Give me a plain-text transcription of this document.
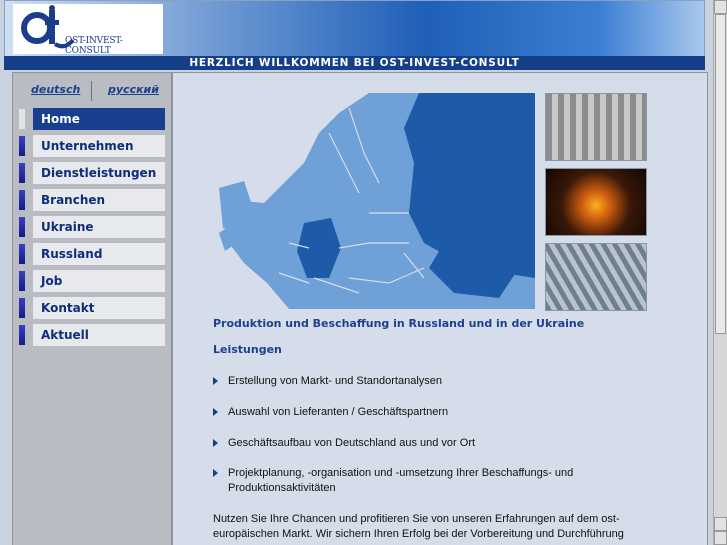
OST-INVEST-CONSULT
HERZLICH WILLKOMMEN BEI OST-INVEST-CONSULT
deutsch	русский
Home
Unternehmen
Dienstleistungen
Branchen
Ukraine
Russland
Job
Kontakt
Aktuell
Produktion und Beschaffung in Russland und in der Ukraine
Leistungen
Erstellung von Markt- und Standortanalysen
Auswahl von Lieferanten / Geschäftspartnern
Geschäftsaufbau von Deutschland aus und vor Ort
Projektplanung, -organisation und -umsetzung Ihrer Beschaffungs- und Produktionsaktivitäten
Nutzen Sie Ihre Chancen und profitieren Sie von unseren Erfahrungen auf dem ost-europäischen Markt. Wir sichern Ihren Erfolg bei der Vorbereitung und Durchführung
